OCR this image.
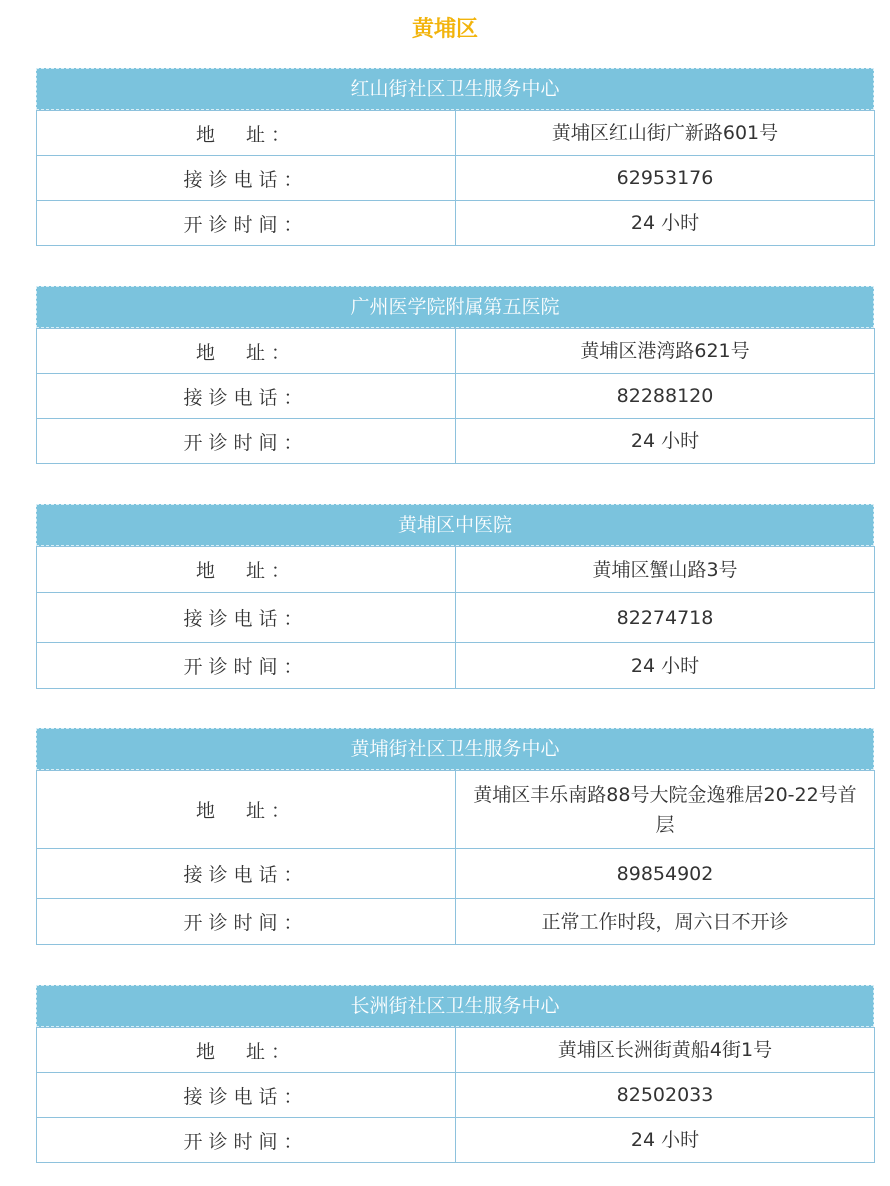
黄埔区
红山街社区卫生服务中心
地　址：	黄埔区红山街广新路601号
接诊电话：	62953176
开诊时间：	24 小时
广州医学院附属第五医院
地　址：	黄埔区港湾路621号
接诊电话：	82288120
开诊时间：	24 小时
黄埔区中医院
地　址：	黄埔区蟹山路3号
接诊电话：	82274718
开诊时间：	24 小时
黄埔街社区卫生服务中心
地　址：	黄埔区丰乐南路88号大院金逸雅居20-22号首层
接诊电话：	89854902
开诊时间：	正常工作时段，周六日不开诊
长洲街社区卫生服务中心
地　址：	黄埔区长洲街黄船4街1号
接诊电话：	82502033
开诊时间：	24 小时
